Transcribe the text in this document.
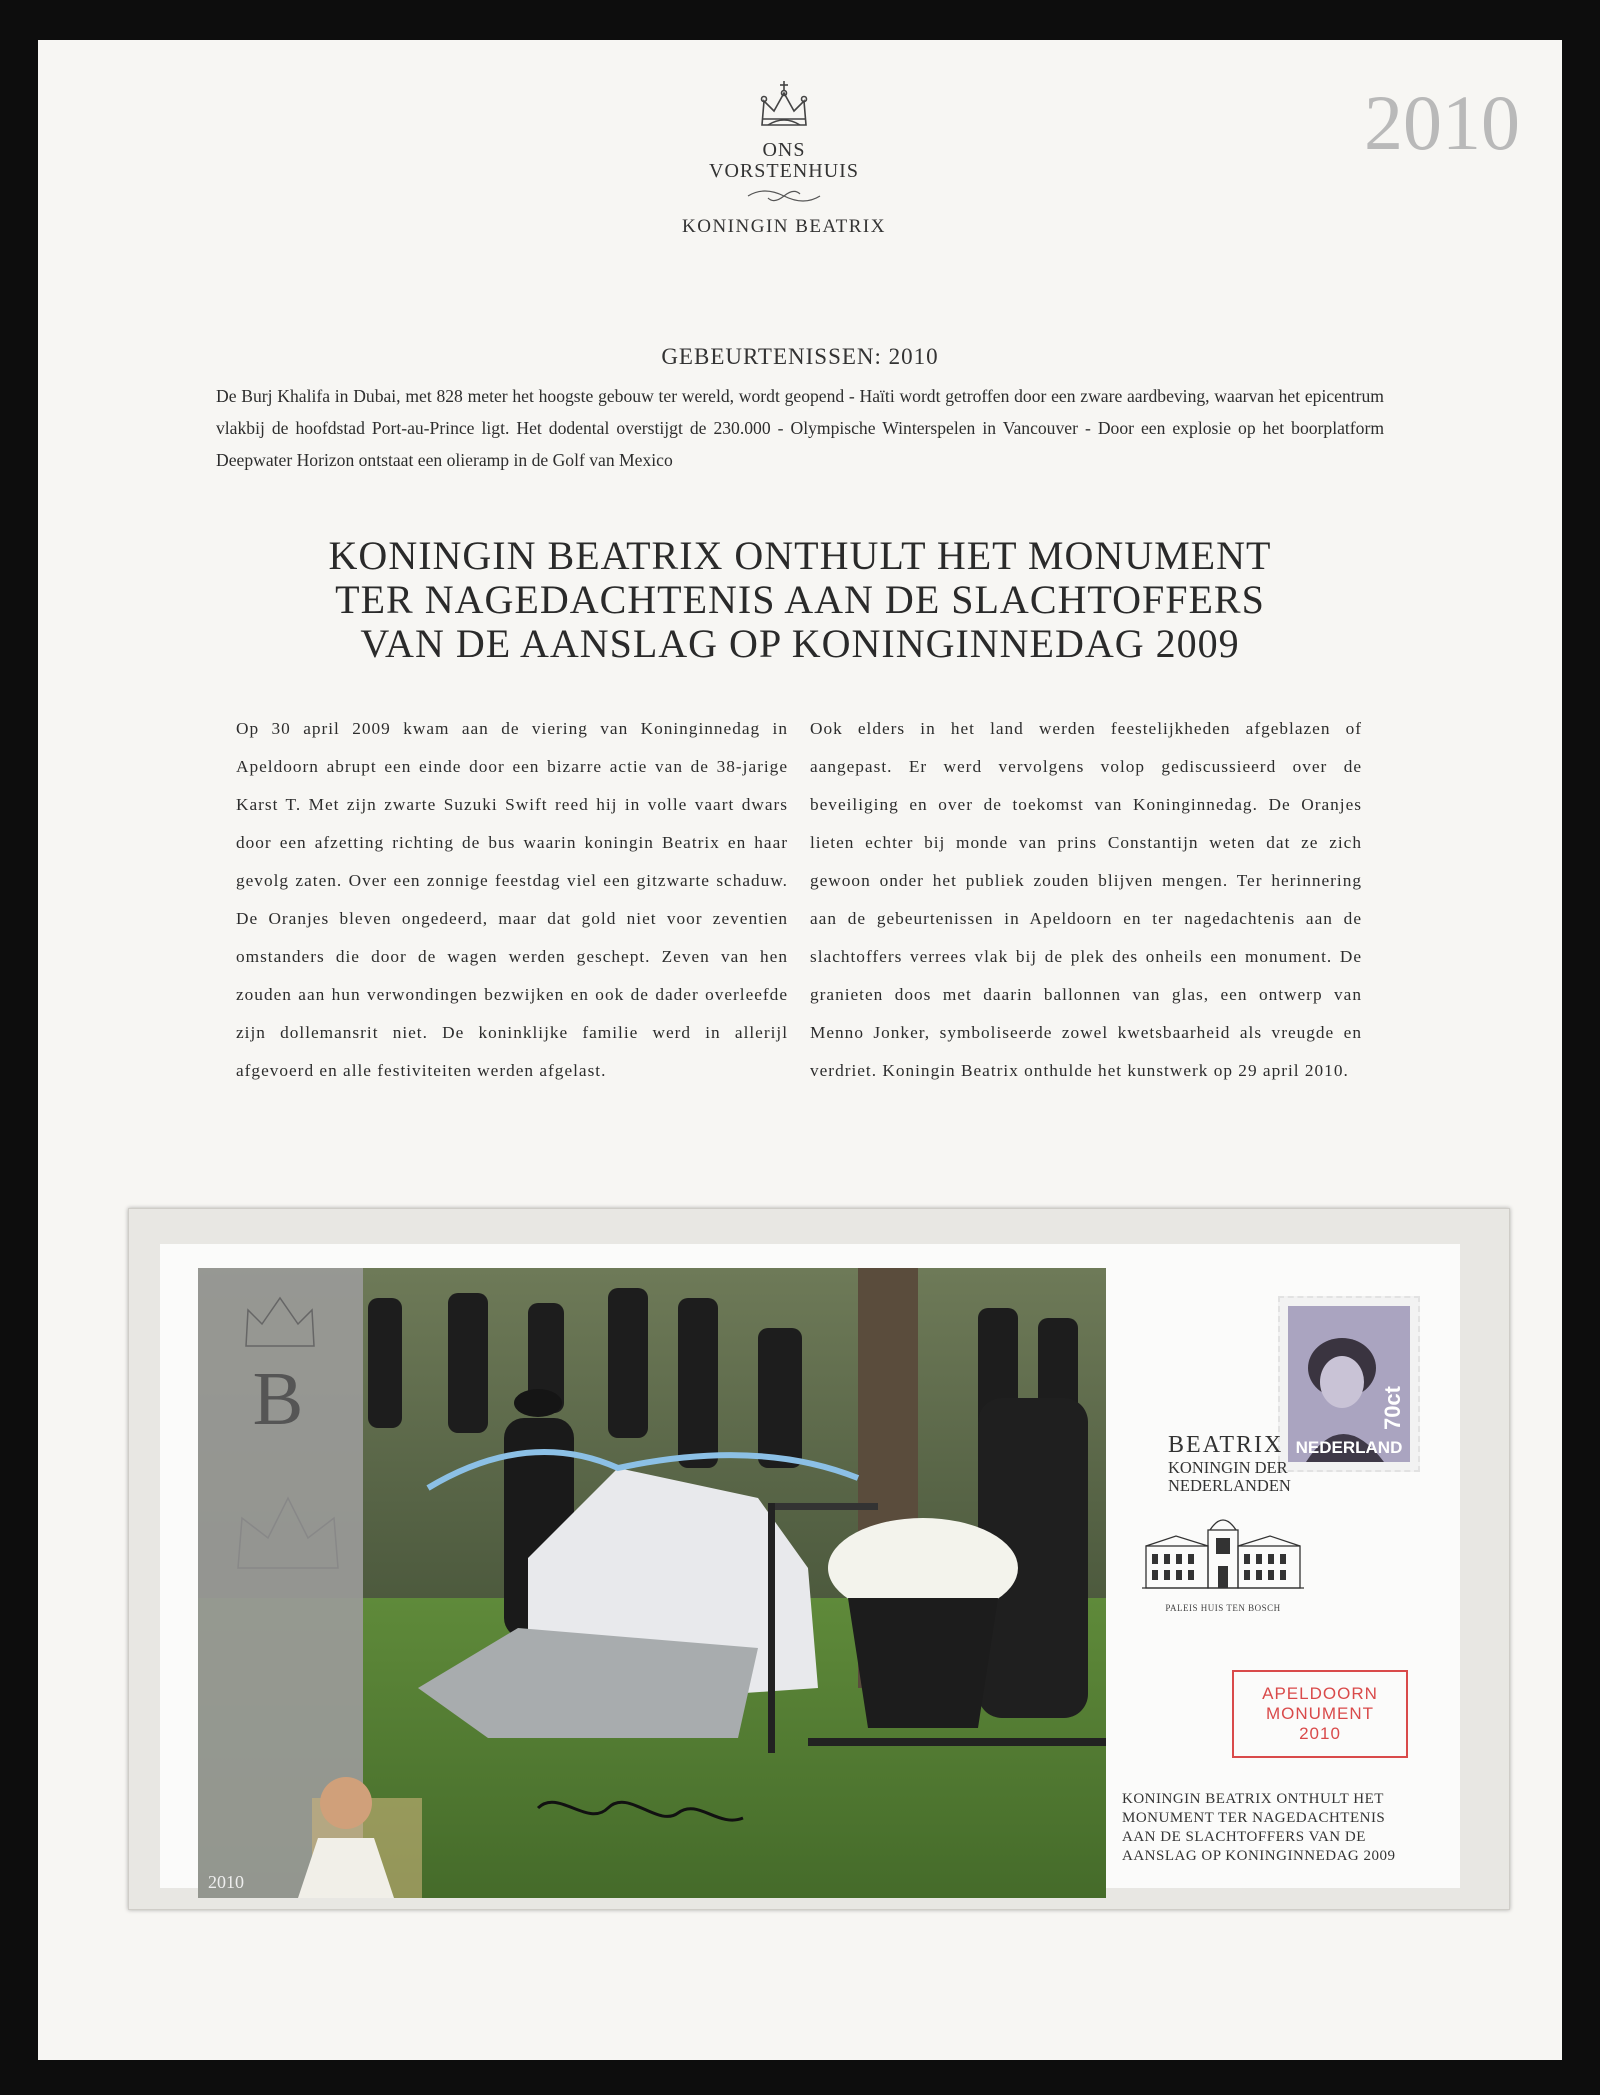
ONS
VORSTENHUIS
KONINGIN BEATRIX
2010
GEBEURTENISSEN: 2010
De Burj Khalifa in Dubai, met 828 meter het hoogste gebouw ter wereld, wordt geopend - Haïti wordt getroffen door een zware aardbeving, waarvan het epicentrum vlakbij de hoofdstad Port-au-Prince ligt. Het dodental overstijgt de 230.000 - Olympische Winterspelen in Vancouver - Door een explosie op het boorplatform Deepwater Horizon ontstaat een olieramp in de Golf van Mexico
KONINGIN BEATRIX ONTHULT HET MONUMENT
TER NAGEDACHTENIS AAN DE SLACHTOFFERS
VAN DE AANSLAG OP KONINGINNEDAG 2009
Op 30 april 2009 kwam aan de viering van Koninginnedag in Apeldoorn abrupt een einde door een bizarre actie van de 38-jarige Karst T. Met zijn zwarte Suzuki Swift reed hij in volle vaart dwars door een afzetting richting de bus waarin koningin Beatrix en haar gevolg zaten. Over een zonnige feestdag viel een gitzwarte schaduw. De Oranjes bleven ongedeerd, maar dat gold niet voor zeventien omstanders die door de wagen werden geschept. Zeven van hen zouden aan hun verwondingen bezwijken en ook de dader overleefde zijn dollemansrit niet. De koninklijke familie werd in allerijl afgevoerd en alle festiviteiten werden afgelast.
Ook elders in het land werden feestelijkheden afgeblazen of aangepast. Er werd vervolgens volop gediscussieerd over de beveiliging en over de toekomst van Koninginnedag. De Oranjes lieten echter bij monde van prins Constantijn weten dat ze zich gewoon onder het publiek zouden blijven mengen. Ter herinnering aan de gebeurtenissen in Apeldoorn en ter nagedachtenis aan de slachtoffers verrees vlak bij de plek des onheils een monument. De granieten doos met daarin ballonnen van glas, een ontwerp van Menno Jonker, symboliseerde zowel kwetsbaarheid als vreugde en verdriet. Koningin Beatrix onthulde het kunstwerk op 29 april 2010.
B
2010
70ct
NEDERLAND
BEATRIX
KONINGIN DER
NEDERLANDEN
PALEIS HUIS TEN BOSCH
APELDOORN
MONUMENT
2010
KONINGIN BEATRIX ONTHULT HET
MONUMENT TER NAGEDACHTENIS
AAN DE SLACHTOFFERS VAN DE
AANSLAG OP KONINGINNEDAG 2009
